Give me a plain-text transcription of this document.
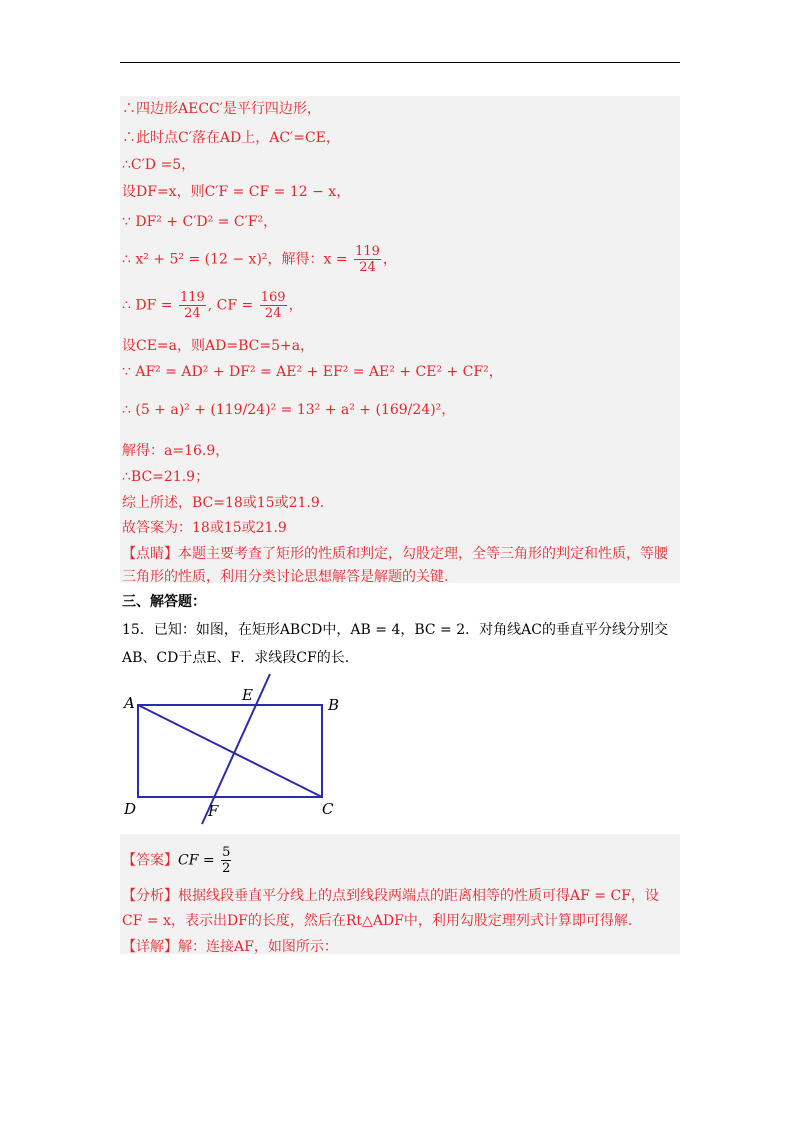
∴四边形AECC′是平行四边形，
∴此时点C′落在AD上，AC′=CE，
∴C′D =5，
设DF=x，则C′F = CF = 12 − x，
∵ DF² + C′D² = C′F²，
∴ x² + 5² = (12 − x)²，解得：$x = \frac{119}{24}$ ，
∴ DF = $\frac{119}{24}$ , CF = $\frac{169}{24}$ ，
设CE=a，则AD=BC=5+a，
∵ AF² = AD² + DF² = AE² + EF² = AE² + CE² + CF²，
∴ (5 + a)² + (119/24)² = 13² + a² + (169/24)²，
解得：a=16.9，
∴BC=21.9；
综上所述，BC=18或15或21.9.
故答案为：18或15或21.9
【点睛】本题主要考查了矩形的性质和判定，勾股定理，全等三角形的判定和性质，等腰
三角形的性质，利用分类讨论思想解答是解题的关键.
三、解答题：
15．已知：如图，在矩形ABCD中，AB = 4，BC = 2．对角线AC的垂直平分线分别交
AB、CD于点E、F．求线段CF的长.
A	B
C
D
E
F
【答案】CF = $\frac{5}{2}$
【分析】根据线段垂直平分线上的点到线段两端点的距离相等的性质可得AF = CF，设
CF = x，表示出DF的长度，然后在Rt△ADF中，利用勾股定理列式计算即可得解.
【详解】解：连接AF，如图所示：
